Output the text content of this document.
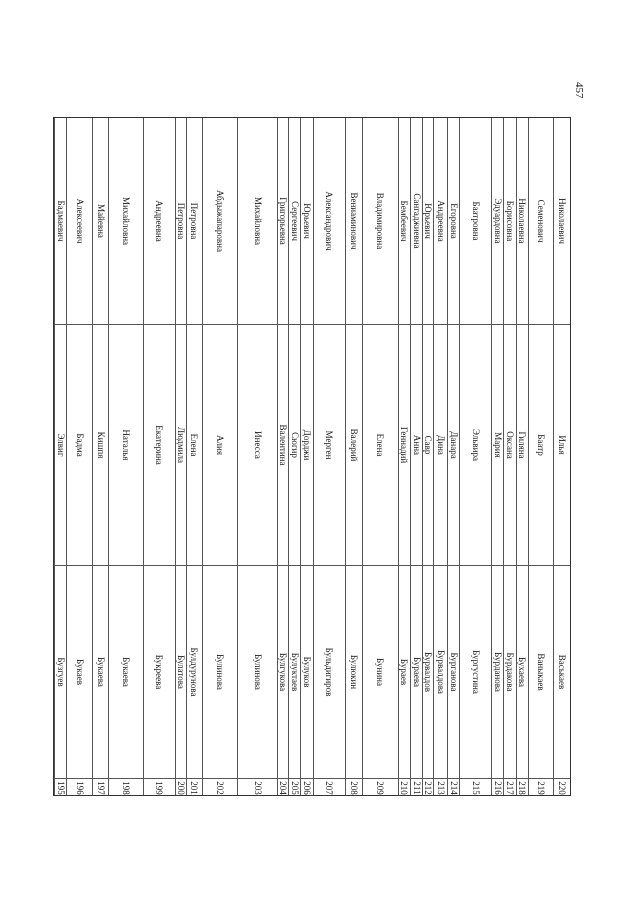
457
195
Бузгуев
Элвиг
Бадмаевич
196
Букаев
Бадма
Алексеевич
197
Букаева
Кишпя
Майевна
198
Букаева
Наталья
Михайловна
199
Букреева
Екатерина
Андреевна
200
Булатова
Людмила
Петровна
201
Булдурунова
Елена
Петровна
202
Булинова
Алия
Абдыжапаровна
203
Булинова
Инесса
Михайловна
204
Булгукова
Валентина
Григорьевна
205
Булуктаев
Сюгир
Сергеевич
206
Булуков
Дорджи
Юрьевич
207
Бульдигиров
Мерген
Александрович
208
Булюкин
Валерий
Вениаминович
209
Бунина
Елена
Владимировна
210
Бураев
Геннадий
Бембеевич
211
Бураева
Анна
Сангаджиевна
212
Бурвалдов
Савр
Юрьевич
213
Бурвалдова
Дина
Андреевна
214
Бурганова
Данара
Егоровна
215
Бургустина
Эльвира
Баатровна
216
Бурданова
Мария
Эдуардовна
217
Бурдакова
Оксана
Борисовна
218
Бухаева
Гиляна
Николаевна
219
Ваныкаев
Баатр
Семенович
220
Васькаев
Илья
Николаевич
